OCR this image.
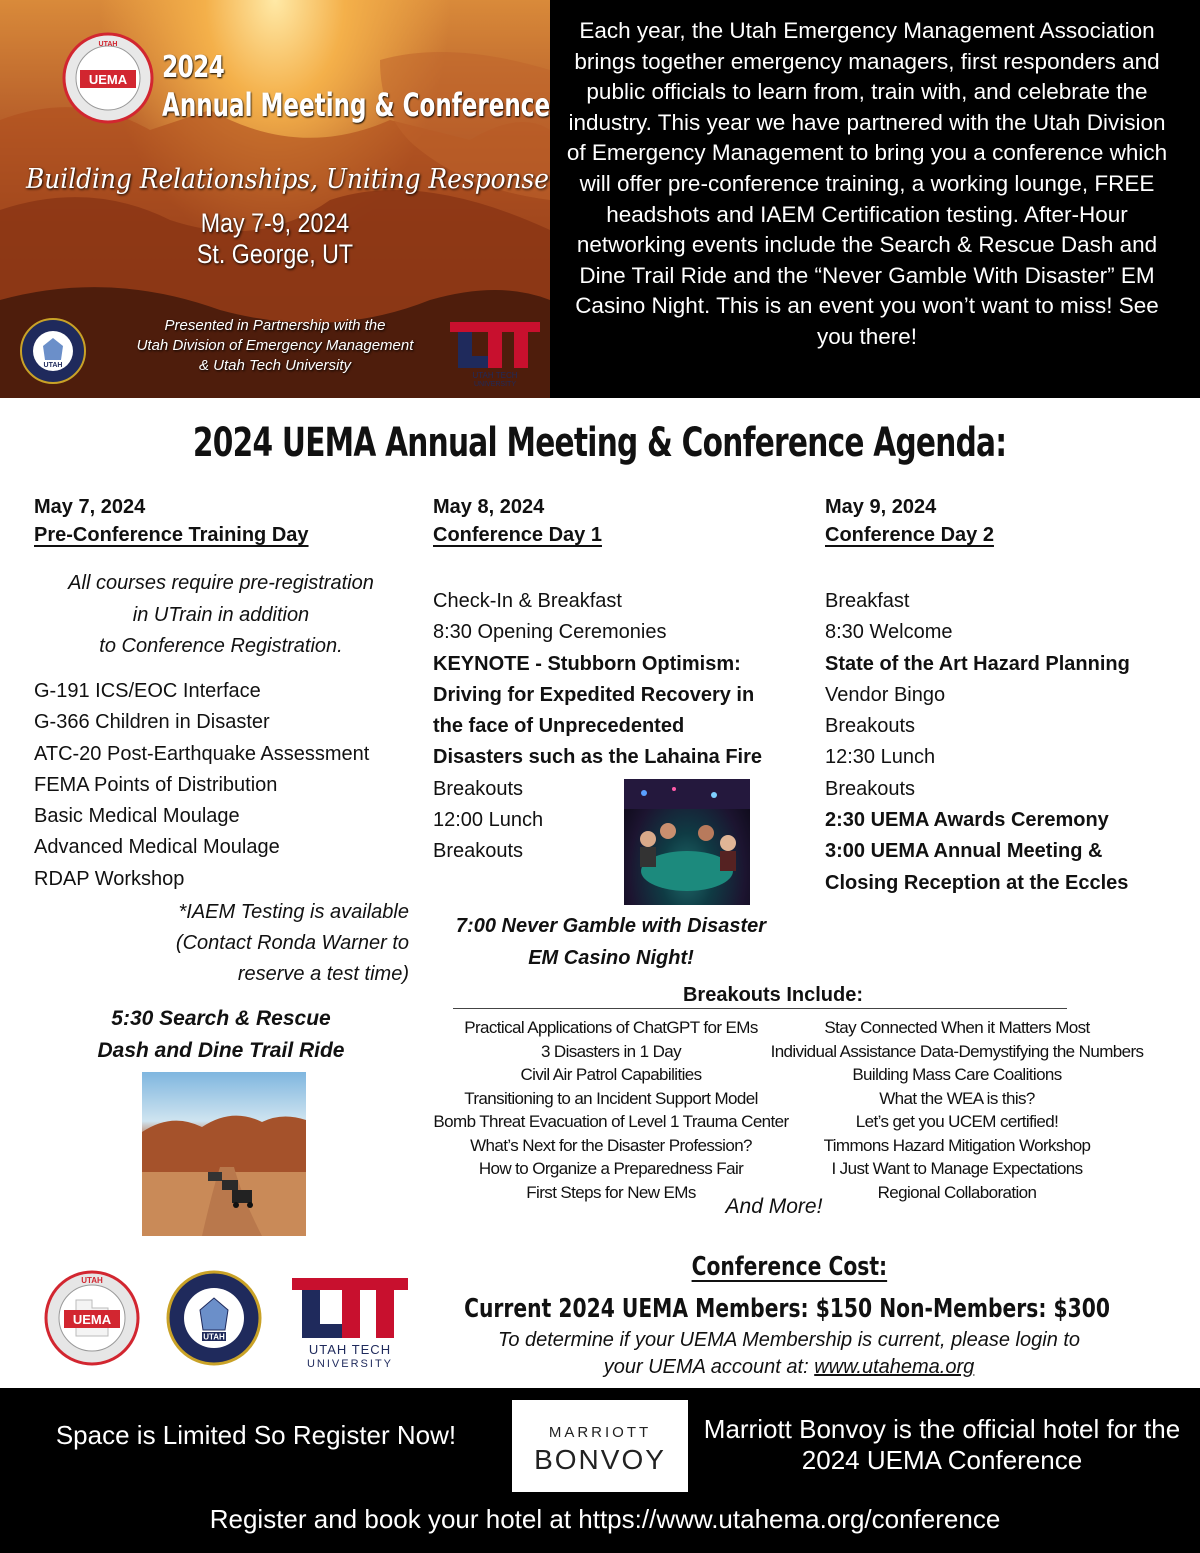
UEMA
UTAH
2024
Annual Meeting & Conference
Building Relationships, Uniting Response
May 7-9, 2024
St. George, UT
UTAH
Presented in Partnership with the
Utah Division of Emergency Management
& Utah Tech University
UTAH TECH
UNIVERSITY
Each year, the Utah Emergency Management Association brings together emergency managers, first responders and public officials to learn from, train with, and celebrate the industry. This year we have partnered with the Utah Division of Emergency Management to bring you a conference which will offer pre-conference training, a working lounge, FREE headshots and IAEM Certification testing. After-Hour networking events include the Search & Rescue Dash and Dine Trail Ride and the “Never Gamble With Disaster” EM Casino Night. This is an event you won’t want to miss! See you there!
2024 UEMA Annual Meeting & Conference Agenda:
May 7, 2024
Pre-Conference Training Day
All courses require pre-registration
in UTrain in addition
to Conference Registration.
G-191 ICS/EOC Interface
G-366 Children in Disaster
ATC-20 Post-Earthquake Assessment
FEMA Points of Distribution
Basic Medical Moulage
Advanced Medical Moulage
RDAP Workshop
*IAEM Testing is available
(Contact Ronda Warner to
reserve a test time)
5:30 Search & Rescue
Dash and Dine Trail Ride
May 8, 2024
Conference Day 1
Check-In & Breakfast
8:30 Opening Ceremonies
KEYNOTE - Stubborn Optimism:
Driving for Expedited Recovery in
the face of Unprecedented
Disasters such as the Lahaina Fire
Breakouts
12:00 Lunch
Breakouts
7:00 Never Gamble with Disaster
EM Casino Night!
May 9, 2024
Conference Day 2
Breakfast
8:30 Welcome
State of the Art Hazard Planning
Vendor Bingo
Breakouts
12:30 Lunch
Breakouts
2:30 UEMA Awards Ceremony
3:00 UEMA Annual Meeting &
Closing Reception at the Eccles
Breakouts Include:
Practical Applications of ChatGPT for EMs
3 Disasters in 1 Day
Civil Air Patrol Capabilities
Transitioning to an Incident Support Model
Bomb Threat Evacuation of Level 1 Trauma Center
What’s Next for the Disaster Profession?
How to Organize a Preparedness Fair
First Steps for New EMs
Stay Connected When it Matters Most
Individual Assistance Data-Demystifying the Numbers
Building Mass Care Coalitions
What the WEA is this?
Let’s get you UCEM certified!
Timmons Hazard Mitigation Workshop
I Just Want to Manage Expectations
Regional Collaboration
And More!
UEMA
UTAH
UTAH
UTAH TECH
UNIVERSITY
Conference Cost:
Current 2024 UEMA Members: $150 Non-Members: $300
To determine if your UEMA Membership is current, please login to
your UEMA account at: www.utahema.org
Space is Limited So Register Now!	MARRIOTT
BONVOY
Marriott Bonvoy is the official hotel for the 2024 UEMA Conference
Register and book your hotel at https://www.utahema.org/conference
